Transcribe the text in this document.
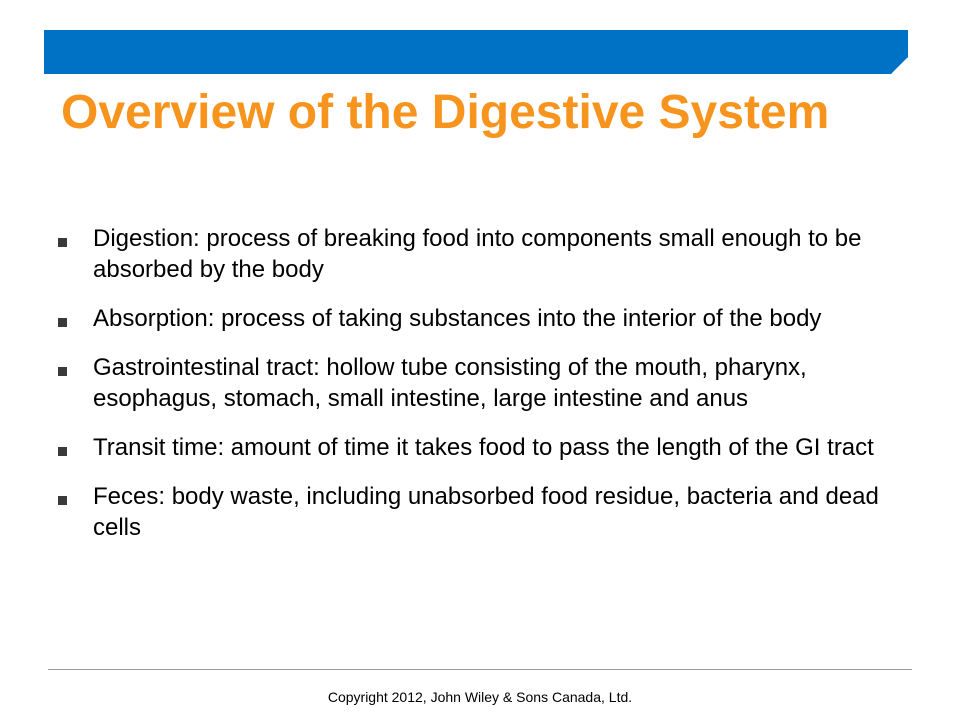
Overview of the Digestive System
Digestion: process of breaking food into components small enough to be absorbed by the body
Absorption: process of taking substances into the interior of the body
Gastrointestinal tract: hollow tube consisting of the mouth, pharynx, esophagus, stomach, small intestine, large intestine and anus
Transit time: amount of time it takes food to pass the length of the GI tract
Feces: body waste, including unabsorbed food residue, bacteria and dead cells
Copyright 2012, John Wiley & Sons Canada, Ltd.
